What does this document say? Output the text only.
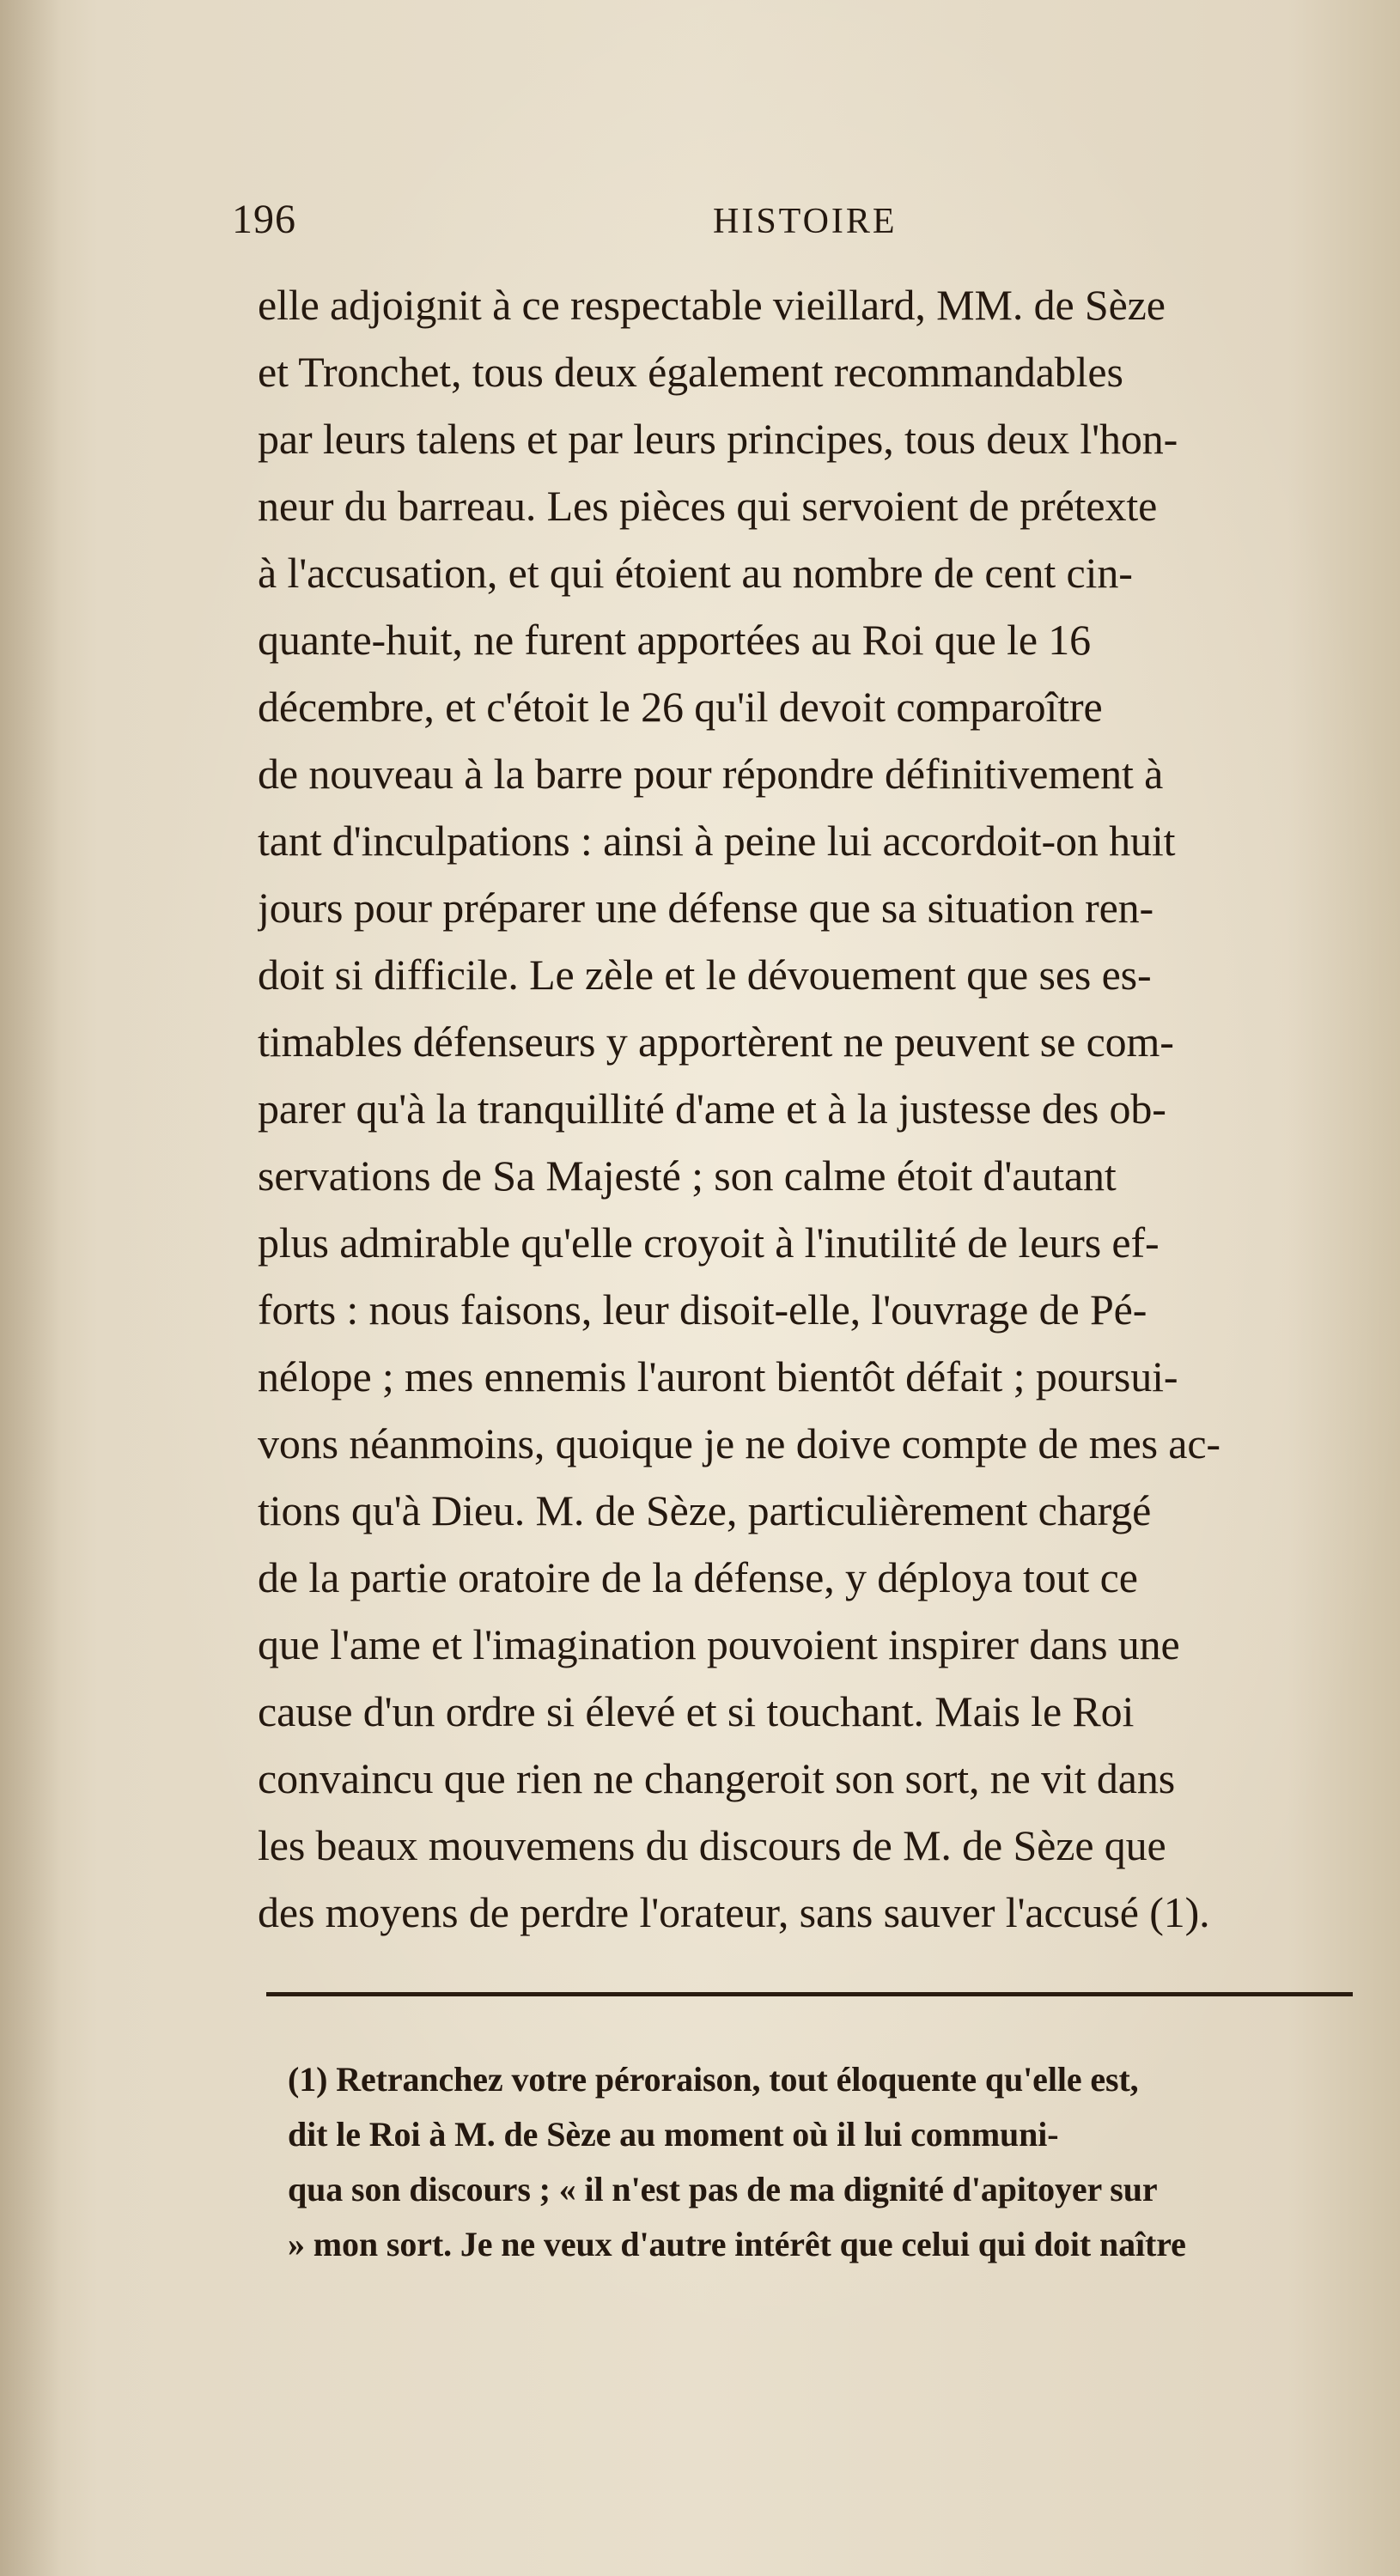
196	HISTOIRE
elle adjoignit à ce respectable vieillard, MM. de Sèze
et Tronchet, tous deux également recommandables
par leurs talens et par leurs principes, tous deux l'hon-
neur du barreau. Les pièces qui servoient de prétexte
à l'accusation, et qui étoient au nombre de cent cin-
quante-huit, ne furent apportées au Roi que le 16
décembre, et c'étoit le 26 qu'il devoit comparoître
de nouveau à la barre pour répondre définitivement à
tant d'inculpations : ainsi à peine lui accordoit-on huit
jours pour préparer une défense que sa situation ren-
doit si difficile. Le zèle et le dévouement que ses es-
timables défenseurs y apportèrent ne peuvent se com-
parer qu'à la tranquillité d'ame et à la justesse des ob-
servations de Sa Majesté ; son calme étoit d'autant
plus admirable qu'elle croyoit à l'inutilité de leurs ef-
forts : nous faisons, leur disoit-elle, l'ouvrage de Pé-
nélope ; mes ennemis l'auront bientôt défait ; poursui-
vons néanmoins, quoique je ne doive compte de mes ac-
tions qu'à Dieu. M. de Sèze, particulièrement chargé
de la partie oratoire de la défense, y déploya tout ce
que l'ame et l'imagination pouvoient inspirer dans une
cause d'un ordre si élevé et si touchant. Mais le Roi
convaincu que rien ne changeroit son sort, ne vit dans
les beaux mouvemens du discours de M. de Sèze que
des moyens de perdre l'orateur, sans sauver l'accusé (1).
(1) Retranchez votre péroraison, tout éloquente qu'elle est,
dit le Roi à M. de Sèze au moment où il lui communi-
qua son discours ; « il n'est pas de ma dignité d'apitoyer sur
» mon sort. Je ne veux d'autre intérêt que celui qui doit naître
